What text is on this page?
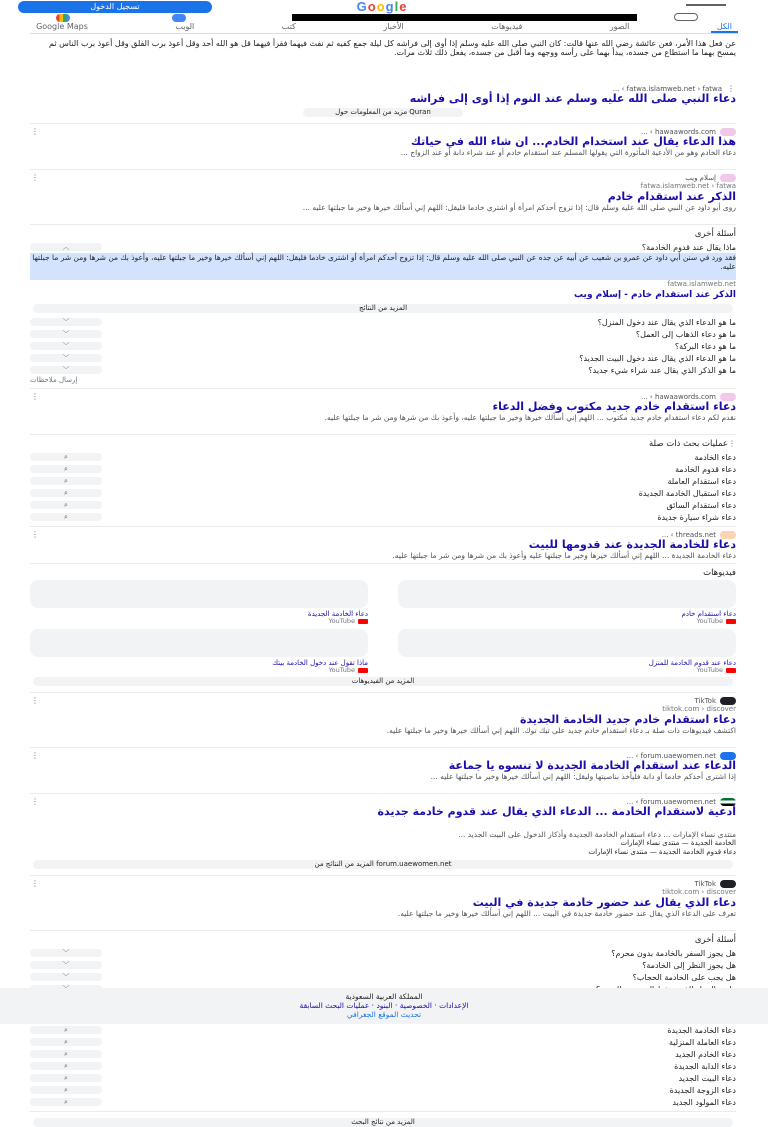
تسجيل الدخول	Google
الكل
الصور
فيديوهات
الأخبار
كتب
الويب
Google Maps
عن فعل هذا الأمر، فعن عائشة رضي الله عنها قالت: كان النبي صلى الله عليه وسلم إذا أوى إلى فراشه كل ليلة جمع كفيه ثم نفث فيهما فقرأ فيهما قل هو الله أحد وقل أعوذ برب الفلق وقل أعوذ برب الناس ثم يمسح بهما ما استطاع من جسده، يبدأ بهما على رأسه ووجهه وما أقبل من جسده، يفعل ذلك ثلاث مرات.
⋮
fatwa.islamweb.net › fatwa › ...
دعاء النبي صلى الله عليه وسلم عند النوم إذا أوى إلى فراشه
Quran مزيد من المعلومات حول
hawaawords.com › ...
⋮
هذا الدعاء يقال عند استخدام الخادم... ان شاء الله في حياتك
دعاء الخادم وهو من الأدعية المأثورة التي يقولها المسلم عند استقدام خادم أو عند شراء دابة أو عند الزواج ...
إسلام ويب
⋮
fatwa.islamweb.net › fatwa
الذكر عند استقدام خادم
روى أبو داود عن النبي صلى الله عليه وسلم قال: إذا تزوج أحدكم امرأة أو اشترى خادما فليقل: اللهم إني أسألك خيرها وخير ما جبلتها عليه ...
أسئلة أخرى
ماذا يقال عند قدوم الخادمة؟
︿
فقد ورد في سنن أبي داود عن عمرو بن شعيب عن أبيه عن جده عن النبي صلى الله عليه وسلم قال: إذا تزوج أحدكم امرأة أو اشترى خادما فليقل: اللهم إني أسألك خيرها وخير ما جبلتها عليه، وأعوذ بك من شرها ومن شر ما جبلتها عليه.
fatwa.islamweb.net
الذكر عند استقدام خادم - إسلام ويب
المزيد من النتائج
ما هو الدعاء الذي يقال عند دخول المنزل؟
﹀
ما هو دعاء الذهاب إلى العمل؟
﹀
ما هو دعاء البركة؟
﹀
ما هو الدعاء الذي يقال عند دخول البيت الجديد؟
﹀
ما هو الذكر الذي يقال عند شراء شيء جديد؟
﹀
إرسال ملاحظات
hawaawords.com › ...
⋮
دعاء استقدام خادم جديد مكتوب وفضل الدعاء
نقدم لكم دعاء استقدام خادم جديد مكتوب ... اللهم إني أسألك خيرها وخير ما جبلتها عليه، وأعوذ بك من شرها ومن شر ما جبلتها عليه.
⋮عمليات بحث ذات صلة
دعاء الخادمة
⌕
دعاء قدوم الخادمة
⌕
دعاء استقدام العاملة
⌕
دعاء استقبال الخادمة الجديدة
⌕
دعاء استقدام السائق
⌕
دعاء شراء سيارة جديدة
⌕
threads.net › ...
⋮
دعاء للخادمة الجديدة عند قدومها للبيت
دعاء الخادمة الجديدة ... اللهم إني أسألك خيرها وخير ما جبلتها عليه وأعوذ بك من شرها ومن شر ما جبلتها عليه.
فيديوهات
دعاء استقدام خادم
YouTube
دعاء الخادمة الجديدة
YouTube
دعاء عند قدوم الخادمة للمنزل
YouTube
ماذا تقول عند دخول الخادمة بيتك
YouTube
المزيد من الفيديوهات
TikTok
⋮
tiktok.com › discover
دعاء استقدام خادم جديد الخادمة الجديدة
اكتشف فيديوهات ذات صلة بـ دعاء استقدام خادم جديد على تيك توك. اللهم إني أسألك خيرها وخير ما جبلتها عليه.
forum.uaewomen.net › ...
⋮
الدعاء عند استقدام الخادمة الجديدة لا تنسوه يا جماعة
إذا اشترى أحدكم خادما أو دابة فليأخذ بناصيتها وليقل: اللهم إني أسألك خيرها وخير ما جبلتها عليه ...
forum.uaewomen.net › ...
⋮
أدعية لاستقدام الخادمة ... الدعاء الذي يقال عند قدوم خادمة جديدة
منتدى نساء الإمارات ... دعاء استقدام الخادمة الجديدة وأذكار الدخول على البيت الجديد ...
الخادمة الجديدة — منتدى نساء الإمارات
دعاء قدوم الخادمة الجديدة — منتدى نساء الإمارات
forum.uaewomen.net المزيد من النتائج من
TikTok
⋮
tiktok.com › discover
دعاء الذي يقال عند حضور خادمة جديدة في البيت
تعرف على الدعاء الذي يقال عند حضور خادمة جديدة في البيت ... اللهم إني أسألك خيرها وخير ما جبلتها عليه.
أسئلة أخرى
هل يجوز السفر بالخادمة بدون محرم؟
﹀
هل يجوز النظر إلى الخادمة؟
﹀
هل يجب على الخادمة الحجاب؟
﹀
دعاء الخادمة الجديدة
⌕
دعاء العاملة المنزلية
⌕
دعاء الخادم الجديد
⌕
دعاء الدابة الجديدة
⌕
دعاء البيت الجديد
⌕
دعاء الزوجة الجديدة
⌕
دعاء المولود الجديد
⌕
المزيد من نتائج البحث
المملكة العربية السعودية
الإعدادات · الخصوصية · البنود · عمليات البحث السابقة
تحديث الموقع الجغرافي
